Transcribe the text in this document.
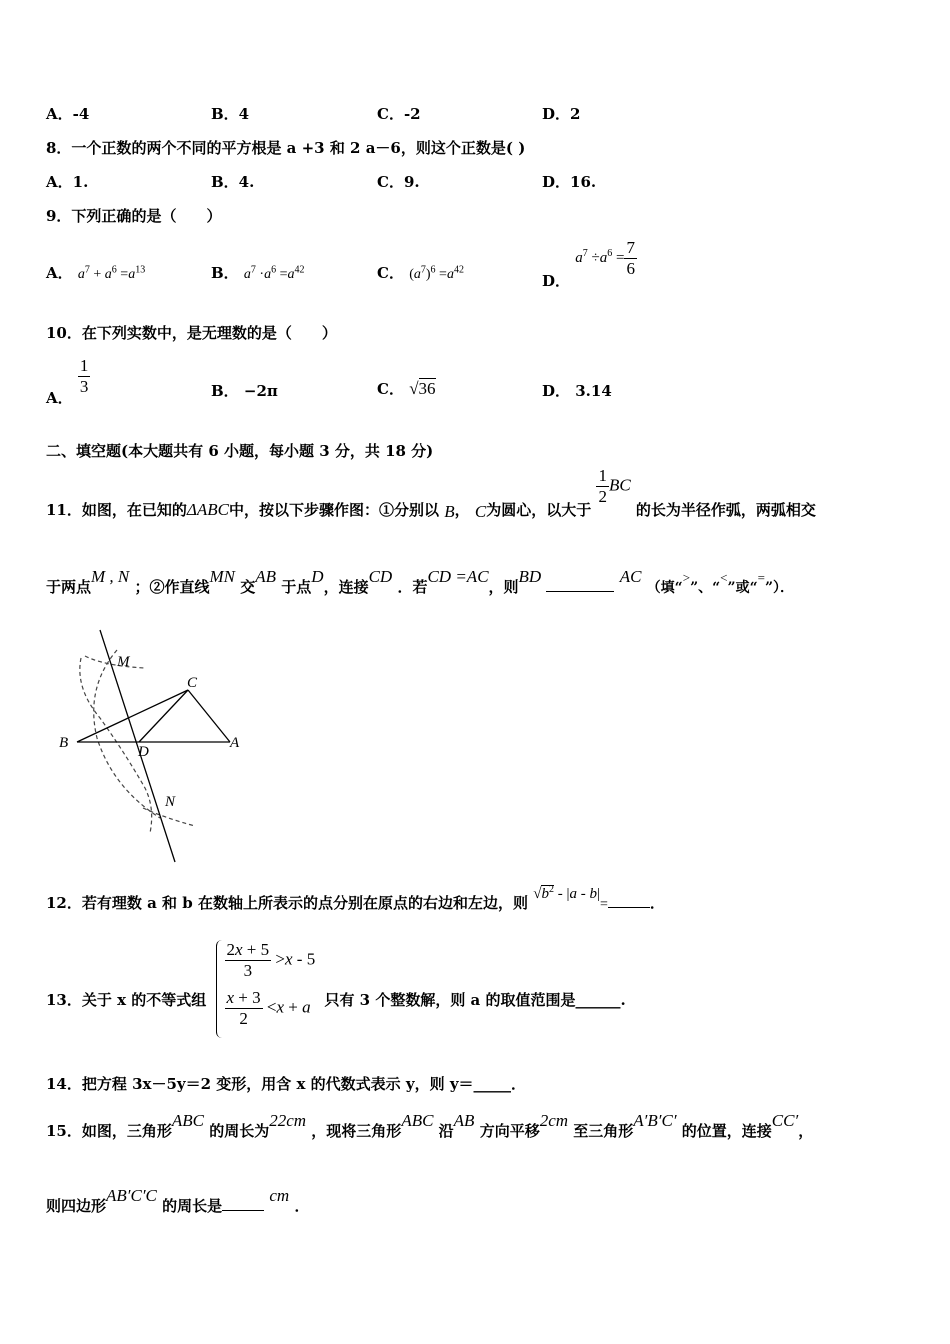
A．-4	B．4	C．-2	D．2
8．一个正数的两个不同的平方根是 a +3 和 2 a－6，则这个正数是( )
A．1.	B．4.	C．9.	D．16.
9．下列正确的是（　　）
A． $a^7 + a^6 =a^{13}$	B． $a^7 \cdot a^6 =a^{42}$	C． $(a^7)^6 =a^{42}$
D． $a^7 \div a^6 = \frac{7}{6}$
10．在下列实数中，是无理数的是（　　）
A．
$\frac{1}{3}$	B． −2π	C． √36	D． 3.14
二、填空题(本大题共有 6 小题，每小题 3 分，共 18 分)
11．如图，在已知的ΔABC中，按以下步骤作图：①分别以 B， C为圆心，以大于
$\frac{1}{2}$ BC 的长为半径作弧，两弧相交
于两点M , N ；②作直线MN 交AB 于点D，连接CD ．若CD =AC，则BD	AC （填“>”、“<”或“=”）．
M
C
B
D
A
N
12．若有理数 a 和 b 在数轴上所表示的点分别在原点的右边和左边，则 $√b^2 - |a - b|=$	．
13．关于 x 的不等式组
$\frac{2x + 5}{3} >x - 5$
$\frac{x + 3}{2} <x + a$ 只有 3 个整数解，则 a 的取值范围是______.
14．把方程 3x－5y＝2 变形，用含 x 的代数式表示 y，则 y＝_____．
15．如图，三角形ABC 的周长为22cm ，现将三角形ABC 沿AB 方向平移2cm 至三角形A′B′C′ 的位置，连接CC′，
则四边形AB′C′C 的周长是 cm ．
